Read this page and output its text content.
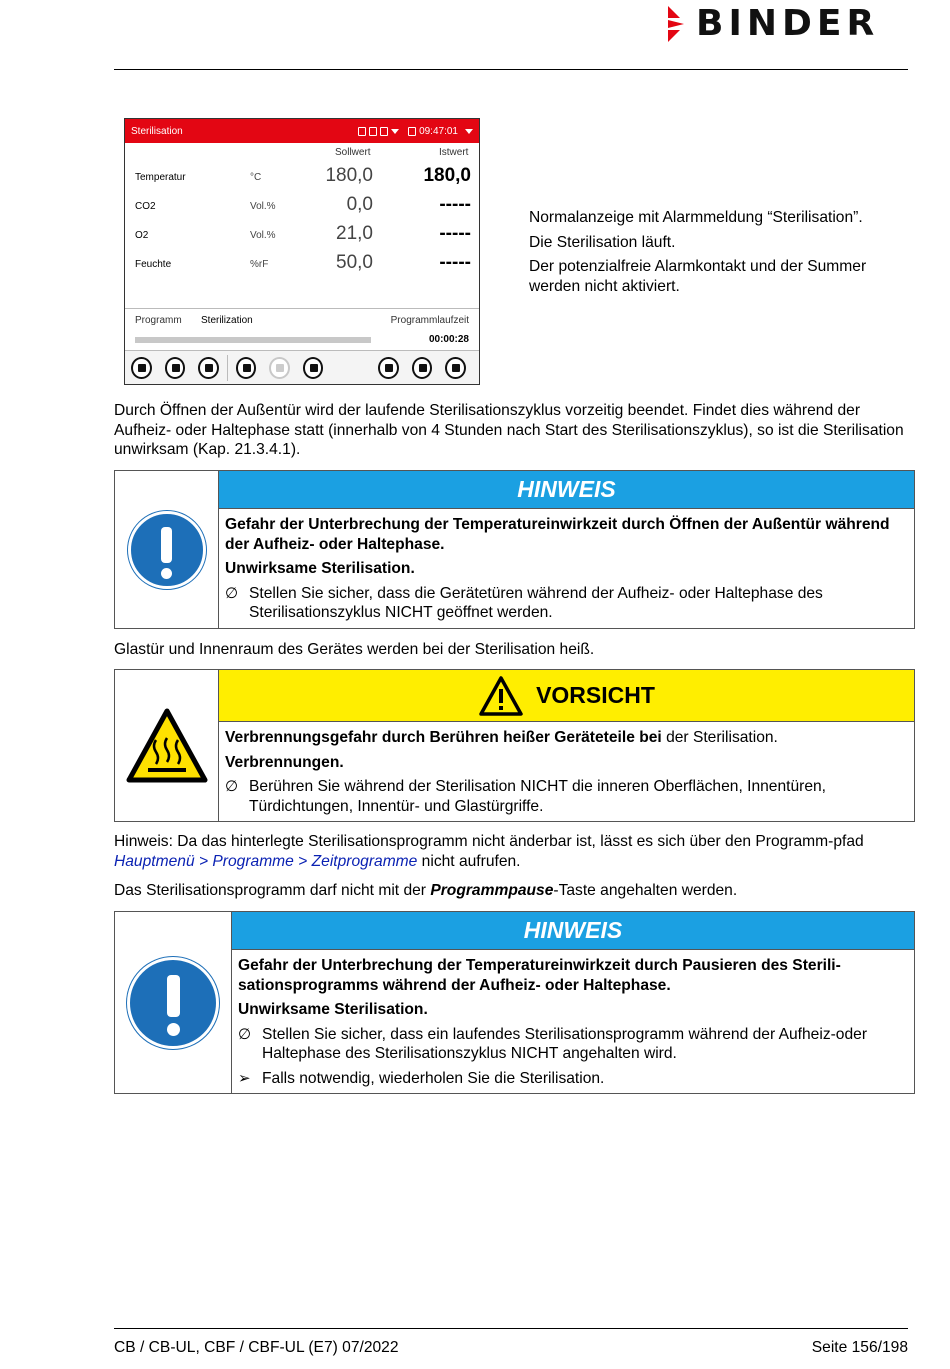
BINDER
Sterilisation	09:47:01
Sollwert	Istwert
Temperatur	°C	180,0	180,0
CO2	Vol.%	0,0	-----
O2	Vol.%	21,0	-----
Feuchte	%rF	50,0	-----
Programm Sterilization	Programmlaufzeit
00:00:28

Normalanzeige mit Alarmmeldung “Sterilisation”.

Die Sterilisation läuft.

Der potenzialfreie Alarmkontakt und der Summer werden nicht aktiviert.

Durch Öffnen der Außentür wird der laufende Sterilisationszyklus vorzeitig beendet. Findet dies während der Aufheiz- oder Haltephase statt (innerhalb von 4 Stunden nach Start des Sterilisationszyklus), so ist die Sterilisation unwirksam (Kap. 21.3.4.1).

HINWEIS

Gefahr der Unterbrechung der Temperatureinwirkzeit durch Öffnen der Außentür während der Aufheiz- oder Haltephase.

Unwirksame Sterilisation.

∅ Stellen Sie sicher, dass die Gerätetüren während der Aufheiz- oder Haltephase des Sterilisationszyklus NICHT geöffnet werden.

Glastür und Innenraum des Gerätes werden bei der Sterilisation heiß.

VORSICHT

Verbrennungsgefahr durch Berühren heißer Geräteteile bei der Sterilisation.

Verbrennungen.

∅ Berühren Sie während der Sterilisation NICHT die inneren Oberflächen, Innentüren, Türdichtungen, Innentür- und Glastürgriffe.

Hinweis: Da das hinterlegte Sterilisationsprogramm nicht änderbar ist, lässt es sich über den Programm-pfad Hauptmenü > Programme > Zeitprogramme nicht aufrufen.

Das Sterilisationsprogramm darf nicht mit der Programmpause-Taste angehalten werden.

HINWEIS

Gefahr der Unterbrechung der Temperatureinwirkzeit durch Pausieren des Sterili-sationsprogramms während der Aufheiz- oder Haltephase.

Unwirksame Sterilisation.

∅ Stellen Sie sicher, dass ein laufendes Sterilisationsprogramm während der Aufheiz-oder Haltephase des Sterilisationszyklus NICHT angehalten wird.
➢ Falls notwendig, wiederholen Sie die Sterilisation.
CB / CB-UL, CBF / CBF-UL (E7) 07/2022	Seite 156/198
